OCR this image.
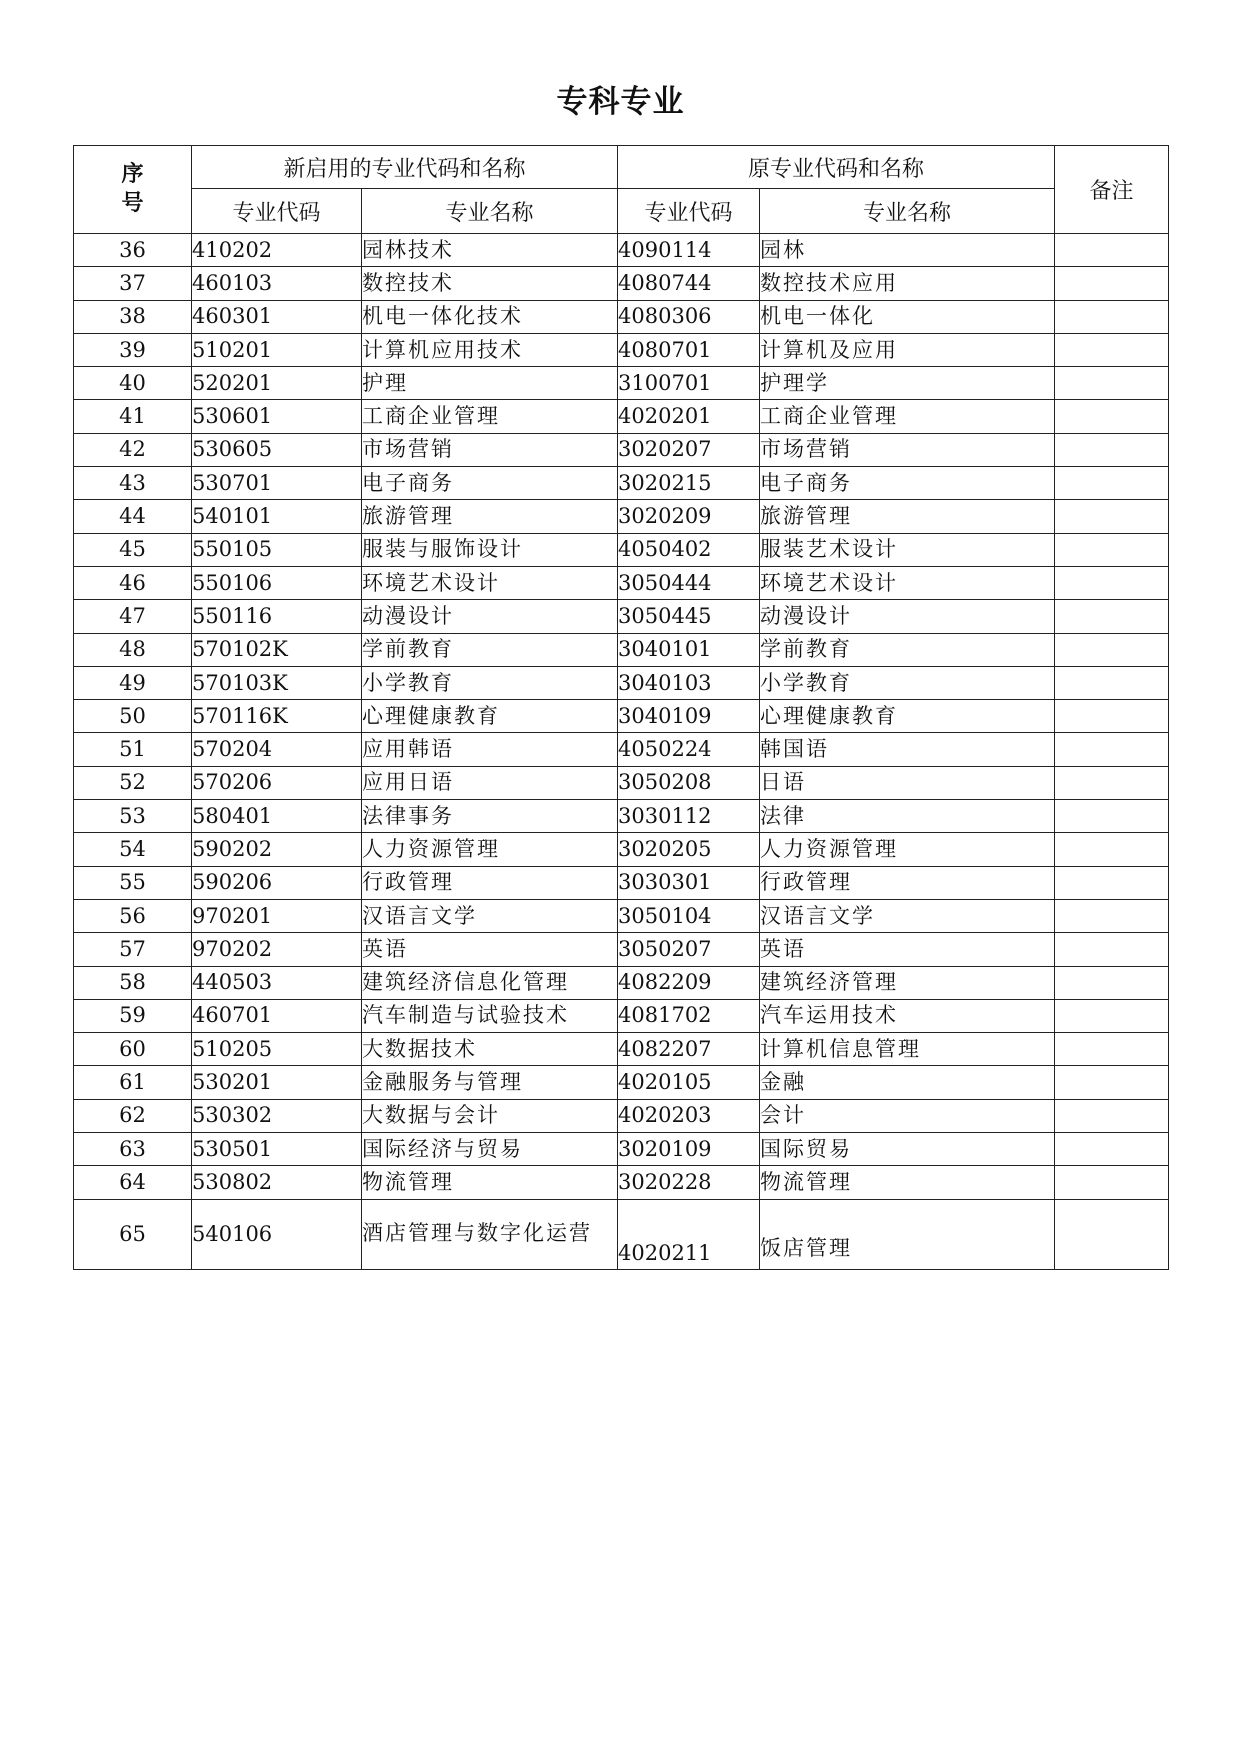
专科专业
序号	新启用的专业代码和名称		原专业代码和名称		备注
	专业代码	专业名称	专业代码	专业名称	
36	410202	园林技术	4090114	园林	
37	460103	数控技术	4080744	数控技术应用	
38	460301	机电一体化技术	4080306	机电一体化	
39	510201	计算机应用技术	4080701	计算机及应用	
40	520201	护理	3100701	护理学	
41	530601	工商企业管理	4020201	工商企业管理	
42	530605	市场营销	3020207	市场营销	
43	530701	电子商务	3020215	电子商务	
44	540101	旅游管理	3020209	旅游管理	
45	550105	服装与服饰设计	4050402	服装艺术设计	
46	550106	环境艺术设计	3050444	环境艺术设计	
47	550116	动漫设计	3050445	动漫设计	
48	570102K	学前教育	3040101	学前教育	
49	570103K	小学教育	3040103	小学教育	
50	570116K	心理健康教育	3040109	心理健康教育	
51	570204	应用韩语	4050224	韩国语	
52	570206	应用日语	3050208	日语	
53	580401	法律事务	3030112	法律	
54	590202	人力资源管理	3020205	人力资源管理	
55	590206	行政管理	3030301	行政管理	
56	970201	汉语言文学	3050104	汉语言文学	
57	970202	英语	3050207	英语	
58	440503	建筑经济信息化管理	4082209	建筑经济管理	
59	460701	汽车制造与试验技术	4081702	汽车运用技术	
60	510205	大数据技术	4082207	计算机信息管理	
61	530201	金融服务与管理	4020105	金融	
62	530302	大数据与会计	4020203	会计	
63	530501	国际经济与贸易	3020109	国际贸易	
64	530802	物流管理	3020228	物流管理	
65	540106	酒店管理与数字化运营	4020211	饭店管理	
